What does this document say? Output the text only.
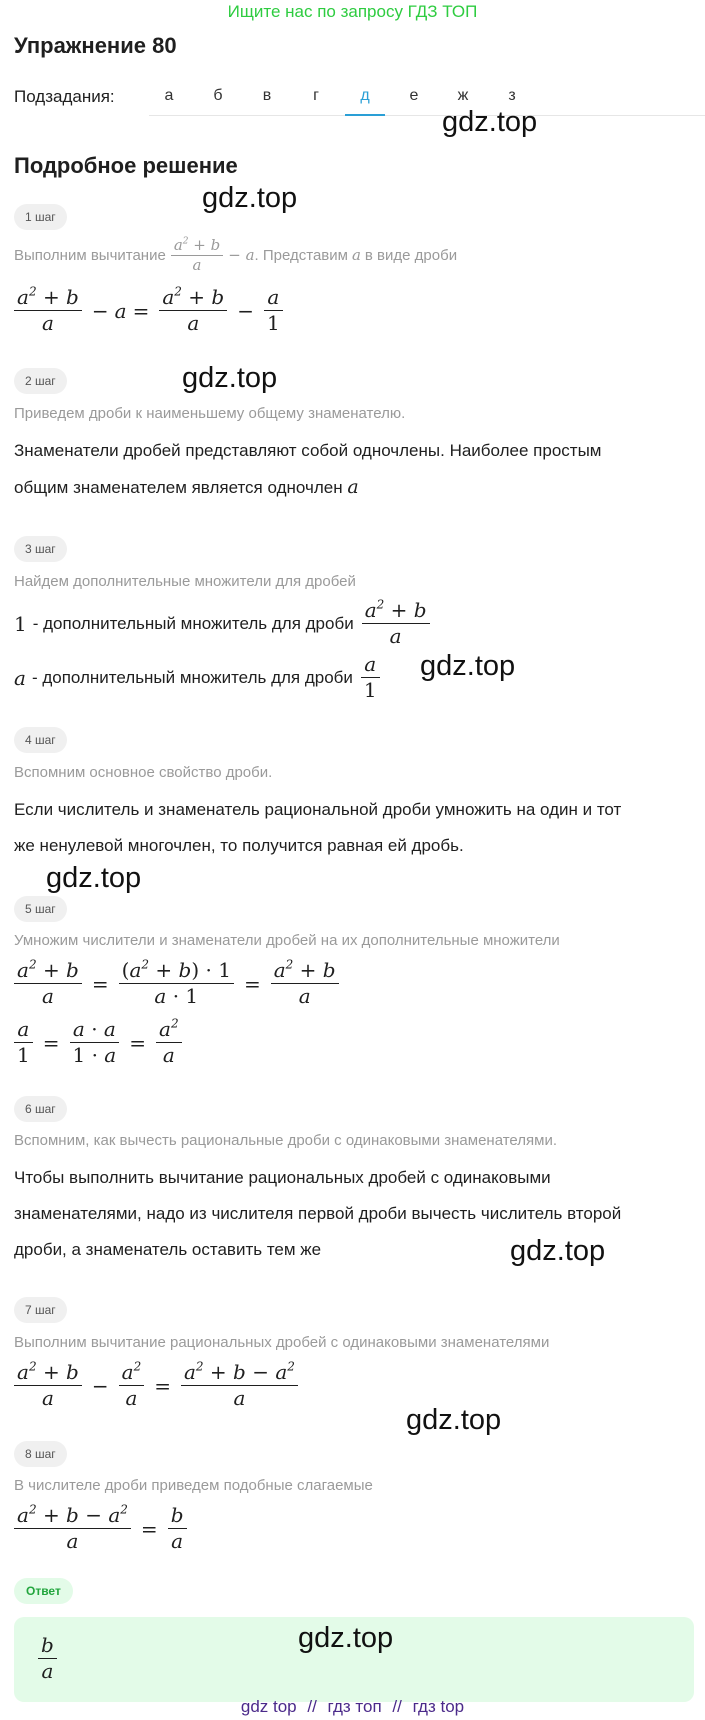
Ищите нас по запросу ГДЗ ТОП
Упражнение 80
Подзадания:	а	б	в	г	д	е	ж	з
gdz.top
Подробное решение
gdz.top
1 шаг
Выполним вычитание $\frac{a^2 + b}{a} - a$ . Представим a в виде дроби
$\frac{a^2 + b}{a} - a = \frac{a^2 + b}{a} - \frac{a}{1}$
gdz.top
2 шаг
Приведем дроби к наименьшему общему знаменателю.
Знаменатели дробей представляют собой одночлены. Наиболее простым
общим знаменателем является одночлен a
3 шаг
Найдем дополнительные множители для дробей
1 - дополнительный множитель для дроби $\frac{a^2 + b}{a}$
a - дополнительный множитель для дроби $\frac{a}{1} gdz.top$
4 шаг
Вспомним основное свойство дроби.
Если числитель и знаменатель рациональной дроби умножить на один и тот
же ненулевой многочлен, то получится равная ей дробь.
gdz.top
5 шаг
Умножим числители и знаменатели дробей на их дополнительные множители
$\frac{a^2 + b}{a} = \frac{(a^2 + b) \cdot 1}{a \cdot 1} = \frac{a^2 + b}{a}$
$\frac{a}{1} = \frac{a \cdot a}{1 \cdot a} = \frac{a^2}{a}$
6 шаг
Вспомним, как вычесть рациональные дроби с одинаковыми знаменателями.
Чтобы выполнить вычитание рациональных дробей с одинаковыми
знаменателями, надо из числителя первой дроби вычесть числитель второй
дроби, а знаменатель оставить тем же	gdz.top
7 шаг
Выполним вычитание рациональных дробей с одинаковыми знаменателями
$\frac{a^2 + b}{a} - \frac{a^2}{a} = \frac{a^2 + b - a^2}{a}$
gdz.top
8 шаг
В числителе дроби приведем подобные слагаемые
$\frac{a^2 + b - a^2}{a} = \frac{b}{a}$
Ответ
$\frac{b}{a}$	gdz.top
gdz top // гдз топ // гдз top
